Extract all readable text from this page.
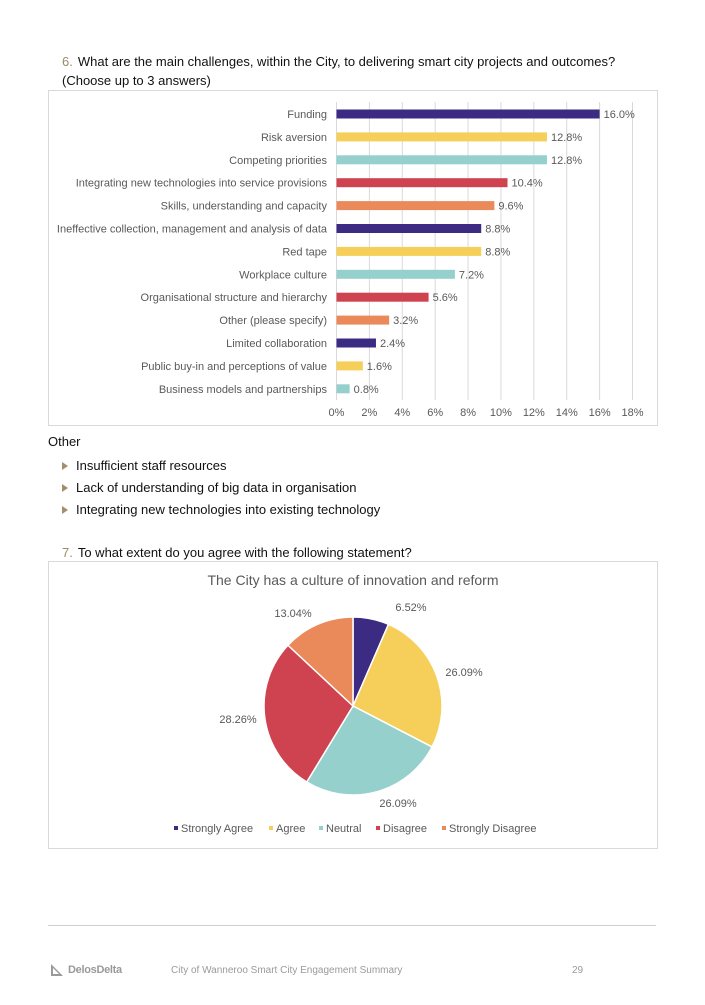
6. What are the main challenges, within the City, to delivering smart city projects and outcomes? (Choose up to 3 answers)
0% 2% 4% 6% 8% 10% 12% 14% 16% 18%
Funding	16.0%
Risk aversion	12.8%
Competing priorities	12.8%
Integrating new technologies into service provisions	10.4%
Skills, understanding and capacity	9.6%
Ineffective collection, management and analysis of data	8.8%
Red tape	8.8%
Workplace culture	7.2%
Organisational structure and hierarchy	5.6%
Other (please specify)	3.2%
Limited collaboration	2.4%
Public buy-in and perceptions of value	1.6%
Business models and partnerships 0.8%
Other
Insufficient staff resources
Lack of understanding of big data in organisation
Integrating new technologies into existing technology
7. To what extent do you agree with the following statement?
The City has a culture of innovation and reform
6.52%
26.09%
26.09%
28.26%
13.04%
Strongly Agree Agree Neutral Disagree Strongly Disagree
DelosDelta	City of Wanneroo Smart City Engagement Summary	29
